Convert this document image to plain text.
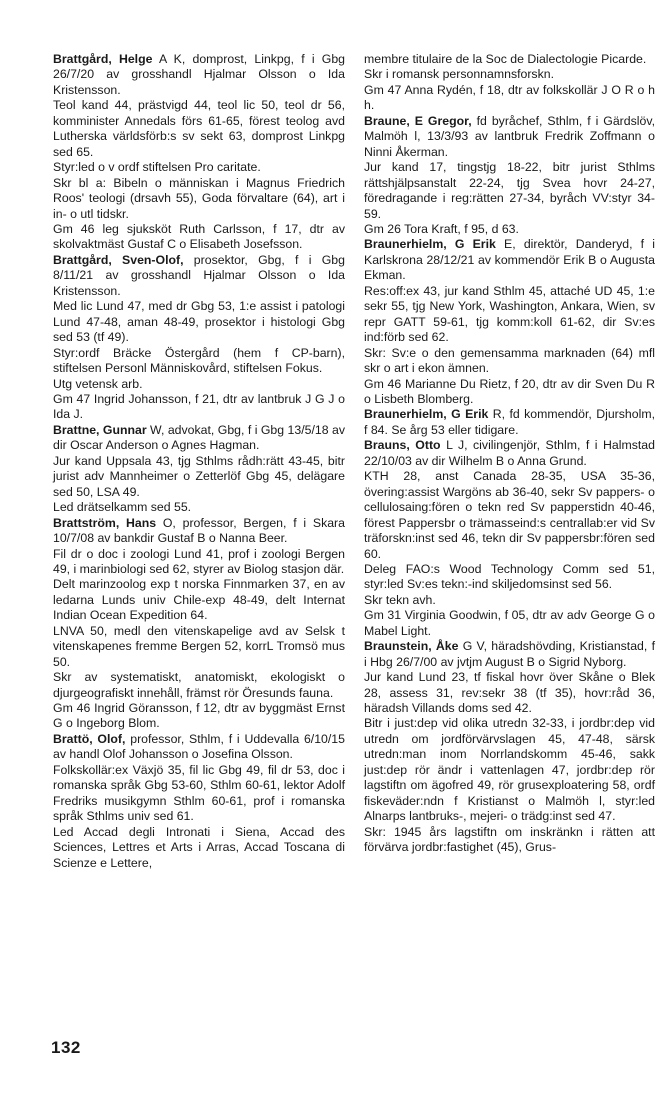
Brattgård, Helge A K, domprost, Linkpg, f i Gbg 26/7/20 av grosshandl Hjalmar Olsson o Ida Kristensson.

Teol kand 44, prästvigd 44, teol lic 50, teol dr 56, komminister Annedals förs 61-65, förest teolog avd Lutherska världsförb:s sv sekt 63, domprost Linkpg sed 65.

Styr:led o v ordf stiftelsen Pro caritate.

Skr bl a: Bibeln o människan i Magnus Friedrich Roos' teologi (drsavh 55), Goda förvaltare (64), art i in- o utl tidskr.

Gm 46 leg sjuksköt Ruth Carlsson, f 17, dtr av skolvaktmäst Gustaf C o Elisabeth Josefsson.

Brattgård, Sven-Olof, prosektor, Gbg, f i Gbg 8/11/21 av grosshandl Hjalmar Olsson o Ida Kristensson.

Med lic Lund 47, med dr Gbg 53, 1:e assist i patologi Lund 47-48, aman 48-49, prosektor i histologi Gbg sed 53 (tf 49).

Styr:ordf Bräcke Östergård (hem f CP-barn), stiftelsen Personl Människovård, stiftelsen Fokus.

Utg vetensk arb.

Gm 47 Ingrid Johansson, f 21, dtr av lantbruk J G J o Ida J.

Brattne, Gunnar W, advokat, Gbg, f i Gbg 13/5/18 av dir Oscar Anderson o Agnes Hagman.

Jur kand Uppsala 43, tjg Sthlms rådh:rätt 43-45, bitr jurist adv Mannheimer o Zetterlöf Gbg 45, delägare sed 50, LSA 49.

Led drätselkamm sed 55.

Brattström, Hans O, professor, Bergen, f i Skara 10/7/08 av bankdir Gustaf B o Nanna Beer.

Fil dr o doc i zoologi Lund 41, prof i zoologi Bergen 49, i marinbiologi sed 62, styrer av Biolog stasjon där.

Delt marinzoolog exp t norska Finnmarken 37, en av ledarna Lunds univ Chile-exp 48-49, delt Internat Indian Ocean Expedition 64.

LNVA 50, medl den vitenskapelige avd av Selsk t vitenskapenes fremme Bergen 52, korrL Tromsö mus 50.

Skr av systematiskt, anatomiskt, ekologiskt o djurgeografiskt innehåll, främst rör Öresunds fauna.

Gm 46 Ingrid Göransson, f 12, dtr av byggmäst Ernst G o Ingeborg Blom.

Brattö, Olof, professor, Sthlm, f i Uddevalla 6/10/15 av handl Olof Johansson o Josefina Olsson.

Folkskollär:ex Växjö 35, fil lic Gbg 49, fil dr 53, doc i romanska språk Gbg 53-60, Sthlm 60-61, lektor Adolf Fredriks musikgymn Sthlm 60-61, prof i romanska språk Sthlms univ sed 61.

Led Accad degli Intronati i Siena, Accad des Sciences, Lettres et Arts i Arras, Accad Toscana di Scienze e Lettere,

membre titulaire de la Soc de Dialectologie Picarde.

Skr i romansk personnamnsforskn.

Gm 47 Anna Rydén, f 18, dtr av folkskollär J O R o h h.

Braune, E Gregor, fd byråchef, Sthlm, f i Gärdslöv, Malmöh l, 13/3/93 av lantbruk Fredrik Zoffmann o Ninni Åkerman.

Jur kand 17, tingstjg 18-22, bitr jurist Sthlms rättshjälpsanstalt 22-24, tjg Svea hovr 24-27, föredragande i reg:rätten 27-34, byråch VV:styr 34-59.

Gm 26 Tora Kraft, f 95, d 63.

Braunerhielm, G Erik E, direktör, Danderyd, f i Karlskrona 28/12/21 av kommendör Erik B o Augusta Ekman.

Res:off:ex 43, jur kand Sthlm 45, attaché UD 45, 1:e sekr 55, tjg New York, Washington, Ankara, Wien, sv repr GATT 59-61, tjg komm:koll 61-62, dir Sv:es ind:förb sed 62.

Skr: Sv:e o den gemensamma marknaden (64) mfl skr o art i ekon ämnen.

Gm 46 Marianne Du Rietz, f 20, dtr av dir Sven Du R o Lisbeth Blomberg.

Braunerhielm, G Erik R, fd kommendör, Djursholm, f 84. Se årg 53 eller tidigare.

Brauns, Otto L J, civilingenjör, Sthlm, f i Halmstad 22/10/03 av dir Wilhelm B o Anna Grund.

KTH 28, anst Canada 28-35, USA 35-36, övering:assist Wargöns ab 36-40, sekr Sv pappers- o cellulosaing:fören o tekn red Sv papperstidn 40-46, förest Pappersbr o trämasseind:s centrallab:er vid Sv träforskn:inst sed 46, tekn dir Sv pappersbr:fören sed 60.

Deleg FAO:s Wood Technology Comm sed 51, styr:led Sv:es tekn:-ind skiljedomsinst sed 56.

Skr tekn avh.

Gm 31 Virginia Goodwin, f 05, dtr av adv George G o Mabel Light.

Braunstein, Åke G V, häradshövding, Kristianstad, f i Hbg 26/7/00 av jvtjm August B o Sigrid Nyborg.

Jur kand Lund 23, tf fiskal hovr över Skåne o Blek 28, assess 31, rev:sekr 38 (tf 35), hovr:råd 36, häradsh Villands doms sed 42.

Bitr i just:dep vid olika utredn 32-33, i jordbr:dep vid utredn om jordförvärvslagen 45, 47-48, särsk utredn:man inom Norrlandskomm 45-46, sakk just:dep rör ändr i vattenlagen 47, jordbr:dep rör lagstiftn om ägofred 49, rör grusexploatering 58, ordf fiskeväder:ndn f Kristianst o Malmöh l, styr:led Alnarps lantbruks-, mejeri- o trädg:inst sed 47.

Skr: 1945 års lagstiftn om inskränkn i rätten att förvärva jordbr:fastighet (45), Grus-

132
